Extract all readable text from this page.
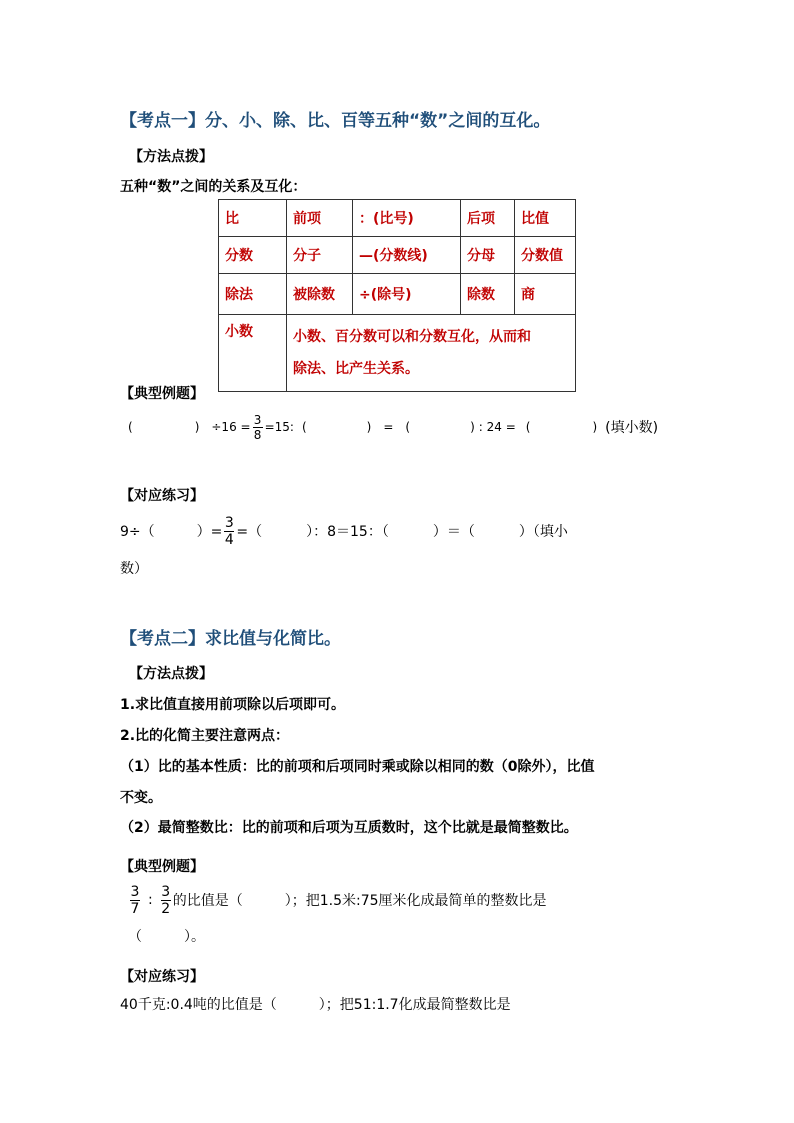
【考点一】分、小、除、比、百等五种“数”之间的互化。
【方法点拨】
五种“数”之间的关系及互化：
比	前项	：(比号)	后项	比值
分数	分子	—(分数线)	分母	分数值
除法	被除数	÷(除号)	除数	商
小数	小数、百分数可以和分数互化，从而和
除法、比产生关系。			
【典型例题】
(	) $\div 16 = \frac{3}{8} =15$: (	) = (	) : 24 = (	) (填小数)
【对应练习】
9÷（	）= $\frac{3}{4}$ =（	）：8＝15：（	）＝（	）（填小
数）
【考点二】求比值与化简比。
【方法点拨】
1.求比值直接用前项除以后项即可。
2.比的化简主要注意两点：
（1）比的基本性质：比的前项和后项同时乘或除以相同的数（0除外），比值
不变。
（2）最简整数比：比的前项和后项为互质数时，这个比就是最简整数比。
【典型例题】
$\frac{3}{7}$ : $\frac{3}{2}$ 的比值是（　　　）；把1.5米:75厘米化成最简单的整数比是
（　　　）。
【对应练习】
40千克:0.4吨的比值是（　　　）；把51:1.7化成最简整数比是
